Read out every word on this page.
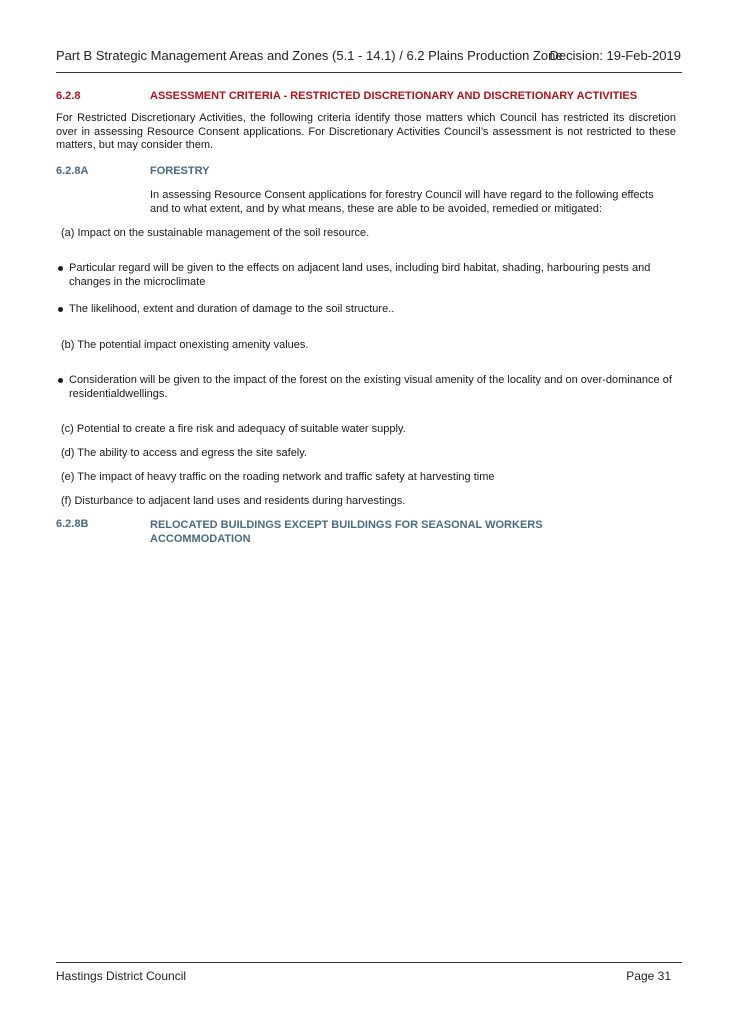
Part B Strategic Management Areas and Zones (5.1 - 14.1) / 6.2 Plains Production Zone
Decision: 19-Feb-2019
6.2.8	ASSESSMENT CRITERIA - RESTRICTED DISCRETIONARY AND DISCRETIONARY ACTIVITIES
For Restricted Discretionary Activities, the following criteria identify those matters which Council has restricted its discretion over in assessing Resource Consent applications. For Discretionary Activities Council’s assessment is not restricted to these matters, but may consider them.
6.2.8A	FORESTRY
In assessing Resource Consent applications for forestry Council will have regard to the following effects and to what extent, and by what means, these are able to be avoided, remedied or mitigated:
(a) Impact on the sustainable management of the soil resource.
Particular regard will be given to the effects on adjacent land uses, including bird habitat, shading, harbouring pests and changes in the microclimate
The likelihood, extent and duration of damage to the soil structure..
(b) The potential impact onexisting amenity values.
Consideration will be given to the impact of the forest on the existing visual amenity of the locality and on over-dominance of residentialdwellings.
(c) Potential to create a fire risk and adequacy of suitable water supply.
(d) The ability to access and egress the site safely.
(e) The impact of heavy traffic on the roading network and traffic safety at harvesting time
(f) Disturbance to adjacent land uses and residents during harvestings.
6.2.8B	RELOCATED BUILDINGS EXCEPT BUILDINGS FOR SEASONAL WORKERS ACCOMMODATION
Hastings District Council	Page 31
